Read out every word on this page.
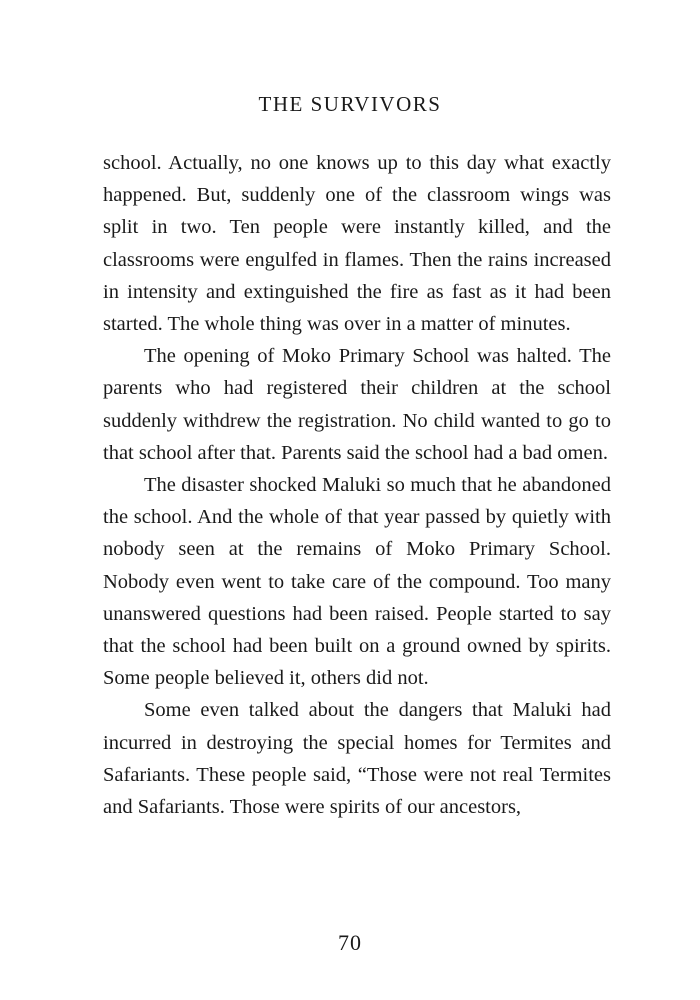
THE SURVIVORS

school. Actually, no one knows up to this day what exactly happened. But, suddenly one of the classroom wings was split in two. Ten people were instantly killed, and the classrooms were engulfed in flames. Then the rains increased in intensity and extinguished the fire as fast as it had been started. The whole thing was over in a matter of minutes.

The opening of Moko Primary School was halted. The parents who had registered their children at the school suddenly withdrew the registration. No child wanted to go to that school after that. Parents said the school had a bad omen.

The disaster shocked Maluki so much that he abandoned the school. And the whole of that year passed by quietly with nobody seen at the remains of Moko Primary School. Nobody even went to take care of the compound. Too many unanswered questions had been raised. People started to say that the school had been built on a ground owned by spirits. Some people believed it, others did not.

Some even talked about the dangers that Maluki had incurred in destroying the special homes for Termites and Safariants. These people said, “Those were not real Termites and Safariants. Those were spirits of our ancestors,

70
